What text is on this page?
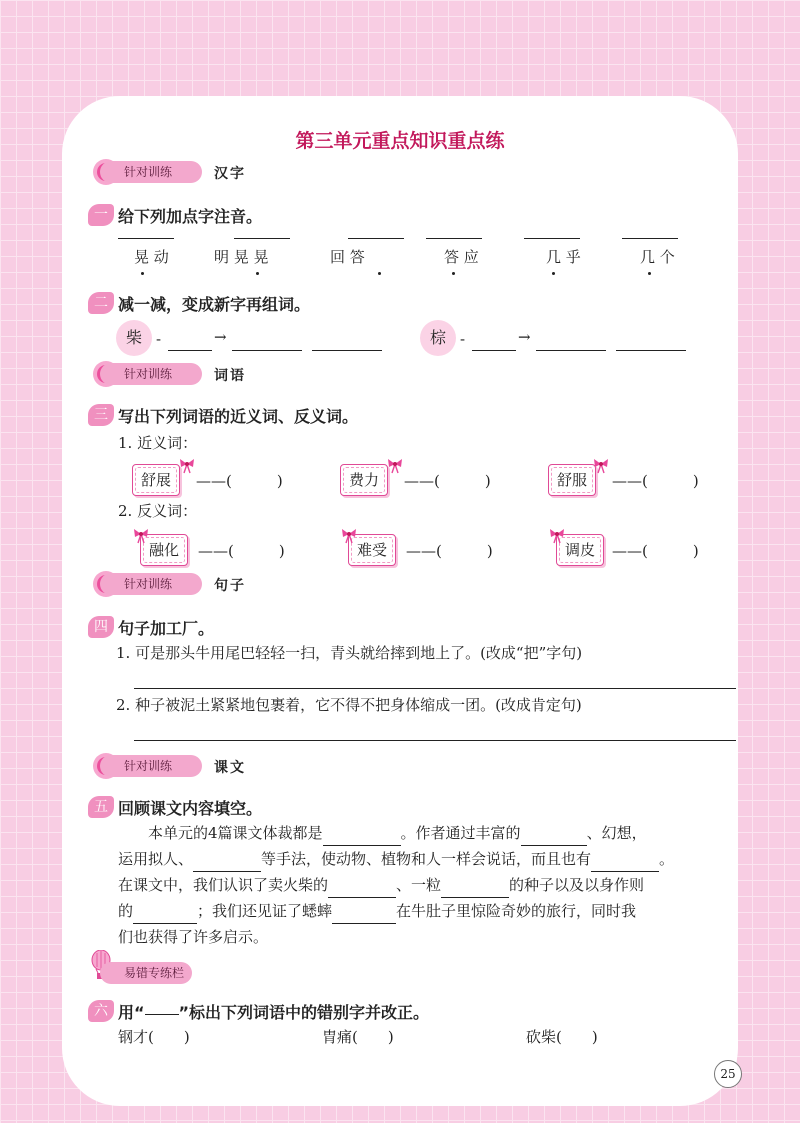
第三单元重点知识重点练
针对训练	汉字
一 给下列加点字注音。
晃 动	明 晃 晃	回 答	答 应	几 乎	几 个
二 减一减，变成新字再组词。
柴 -	→	棕 -	→
针对训练	词语
三 写出下列词语的近义词、反义词。
1. 近义词：
舒展	——(　　　)	费力	——(　　　)	舒服	——(　　　)
2. 反义词：
融化	——(　　　)	难受	——(　　　)	调皮	——(　　　)
针对训练	句子
四 句子加工厂。
1. 可是那头牛用尾巴轻轻一扫，青头就给摔到地上了。(改成“把”字句)
2. 种子被泥土紧紧地包裹着，它不得不把身体缩成一团。(改成肯定句)
针对训练	课文
五 回顾课文内容填空。
本单元的4篇课文体裁都是	。作者通过丰富的	、幻想，
运用拟人、	等手法，使动物、植物和人一样会说话，而且也有	。
在课文中，我们认识了卖火柴的	、一粒	的种子以及以身作则
的	；我们还见证了蟋蟀	在牛肚子里惊险奇妙的旅行，同时我
们也获得了许多启示。
易错专练栏
六 用“ ”标出下列词语中的错别字并改正。
钢才(　　)	胄痛(　　)	砍柴(　　)
25
